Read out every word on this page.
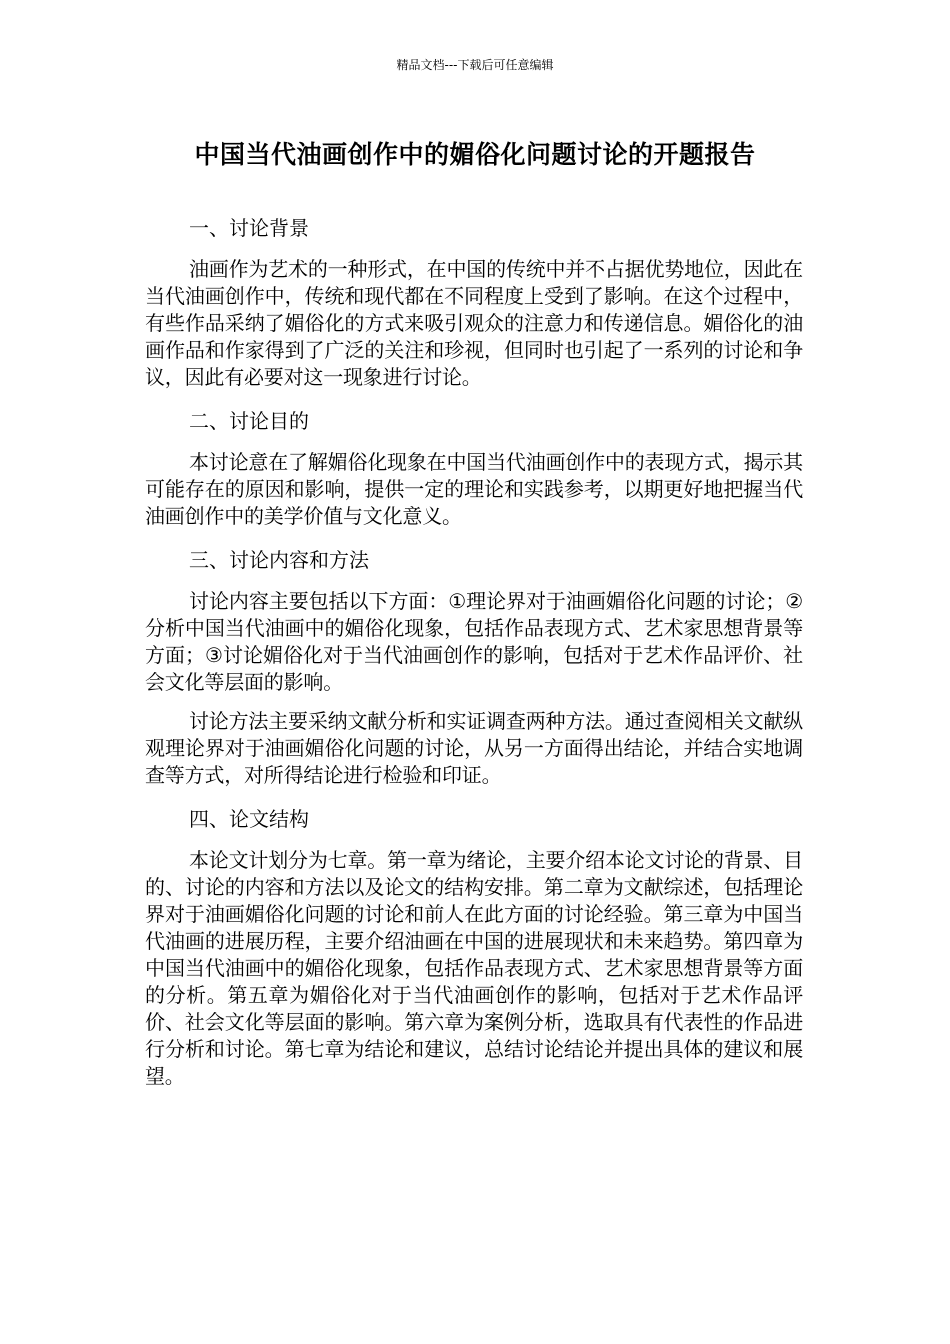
精品文档---下载后可任意编辑
中国当代油画创作中的媚俗化问题讨论的开题报告
一、讨论背景

油画作为艺术的一种形式，在中国的传统中并不占据优势地位，因此在当代油画创作中，传统和现代都在不同程度上受到了影响。在这个过程中，有些作品采纳了媚俗化的方式来吸引观众的注意力和传递信息。媚俗化的油画作品和作家得到了广泛的关注和珍视，但同时也引起了一系列的讨论和争议，因此有必要对这一现象进行讨论。

二、讨论目的

本讨论意在了解媚俗化现象在中国当代油画创作中的表现方式，揭示其可能存在的原因和影响，提供一定的理论和实践参考，以期更好地把握当代油画创作中的美学价值与文化意义。

三、讨论内容和方法

讨论内容主要包括以下方面：①理论界对于油画媚俗化问题的讨论；②分析中国当代油画中的媚俗化现象，包括作品表现方式、艺术家思想背景等方面；③讨论媚俗化对于当代油画创作的影响，包括对于艺术作品评价、社会文化等层面的影响。

讨论方法主要采纳文献分析和实证调查两种方法。通过查阅相关文献纵观理论界对于油画媚俗化问题的讨论，从另一方面得出结论，并结合实地调查等方式，对所得结论进行检验和印证。

四、论文结构

本论文计划分为七章。第一章为绪论，主要介绍本论文讨论的背景、目的、讨论的内容和方法以及论文的结构安排。第二章为文献综述，包括理论界对于油画媚俗化问题的讨论和前人在此方面的讨论经验。第三章为中国当代油画的进展历程，主要介绍油画在中国的进展现状和未来趋势。第四章为中国当代油画中的媚俗化现象，包括作品表现方式、艺术家思想背景等方面的分析。第五章为媚俗化对于当代油画创作的影响，包括对于艺术作品评价、社会文化等层面的影响。第六章为案例分析，选取具有代表性的作品进行分析和讨论。第七章为结论和建议，总结讨论结论并提出具体的建议和展望。
